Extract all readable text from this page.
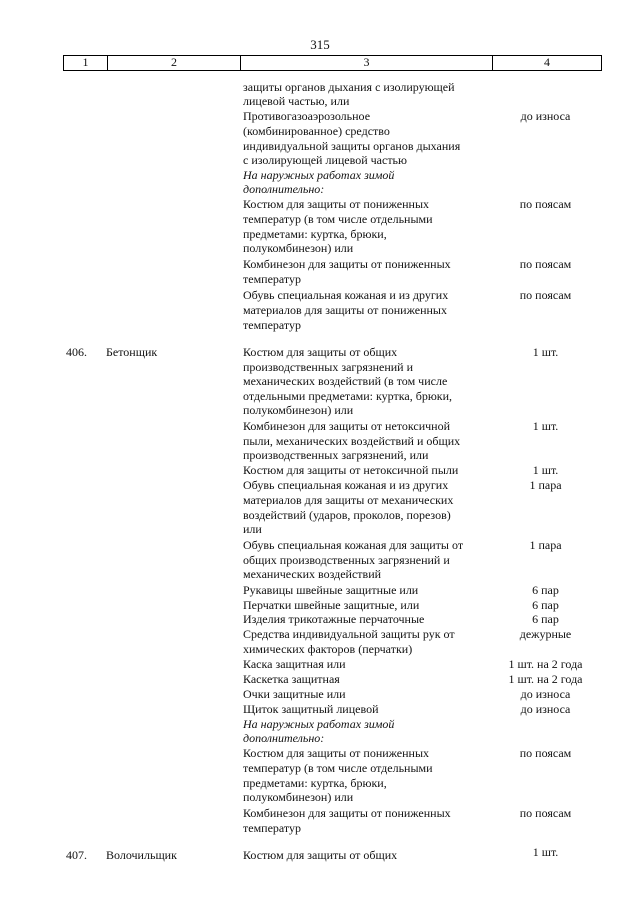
315
1	2	3	4
защиты органов дыхания с изолирующей
лицевой частью, или
Противогазоаэрозольное	до износа
(комбинированное) средство
индивидуальной защиты органов дыхания
с изолирующей лицевой частью
На наружных работах зимой
дополнительно:
Костюм для защиты от пониженных	по поясам
температур (в том числе отдельными
предметами: куртка, брюки,
полукомбинезон) или
Комбинезон для защиты от пониженных	по поясам
температур
Обувь специальная кожаная и из других	по поясам
материалов для защиты от пониженных
температур
406. Бетонщик	Костюм для защиты от общих	1 шт.
производственных загрязнений и
механических воздействий (в том числе
отдельными предметами: куртка, брюки,
полукомбинезон) или
Комбинезон для защиты от нетоксичной	1 шт.
пыли, механических воздействий и общих
производственных загрязнений, или
Костюм для защиты от нетоксичной пыли	1 шт.
Обувь специальная кожаная и из других	1 пара
материалов для защиты от механических
воздействий (ударов, проколов, порезов)
или
Обувь специальная кожаная для защиты от	1 пара
общих производственных загрязнений и
механических воздействий
Рукавицы швейные защитные или	6 пар
Перчатки швейные защитные, или	6 пар
Изделия трикотажные перчаточные	6 пар
Средства индивидуальной защиты рук от	дежурные
химических факторов (перчатки)
Каска защитная или	1 шт. на 2 года
Каскетка защитная	1 шт. на 2 года
Очки защитные или	до износа
Щиток защитный лицевой	до износа
На наружных работах зимой
дополнительно:
Костюм для защиты от пониженных	по поясам
температур (в том числе отдельными
предметами: куртка, брюки,
полукомбинезон) или
Комбинезон для защиты от пониженных	по поясам
температур
407. Волочильщик	Костюм для защиты от общих	1 шт.
